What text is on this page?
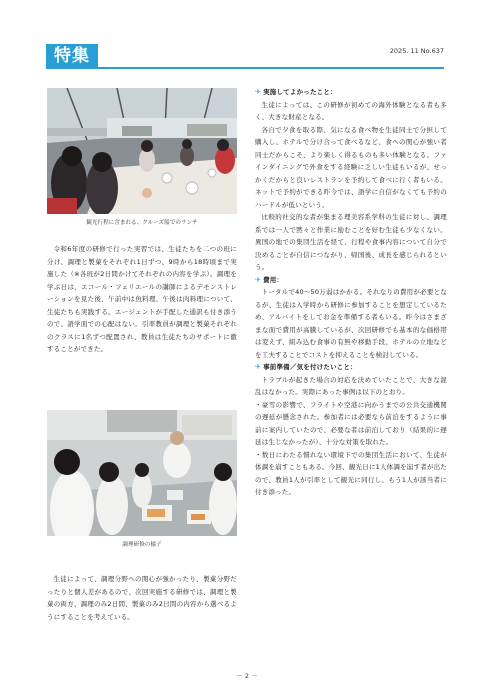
特集	2025. 11 No.637
観光行程に含まれる、クルーズ船でのランチ

令和6年度の研修で行った実習では、生徒たちを二つの班に分け、調理と製菓をそれぞれ1日ずつ、9時から18時頃まで実施した（※各班が2日間かけてそれぞれの内容を学ぶ）。調理を学ぶ日は、エコール・フェリエールの講師によるデモンストレーションを見た後、午前中は魚料理、午後は肉料理について、生徒たちも実践する。エージェントが手配した通訳も付き添うので、語学面での心配はない。引率教員が調理と製菓それぞれのクラスに1名ずつ配置され、教員は生徒たちのサポートに徹することができた。

調理研修の様子

生徒によって、調理分野への関心が強かったり、製菓分野だったりと個人差があるので、次回実施する研修では、調理と製菓の両方、調理のみ2日間、製菓のみ2日間の内容から選べるようにすることを考えている。

✈ 実施してよかったこと：

生徒によっては、この研修が初めての海外体験となる者も多く、大きな財産となる。

各自で夕食を取る際、気になる食べ物を生徒同士で分担して購入し、ホテルで分け合って食べるなど、食への関心が強い者同士だからこそ、より楽しく得るものも多い体験となる。ファインダイニングで外食をする経験に乏しい生徒もいるが、せっかくだからと良いレストランを予約して食べに行く者もいる。ネットで予約ができる昨今では、語学に自信がなくても予約のハードルが低いという。

比較的社交的な者が集まる理美容系学科の生徒に対し、調理系では一人で黙々と作業に励むことを好む生徒も少なくない。異国の地での集団生活を経て、行程や食事内容について自分で決めることが自信につながり、帰国後、成長を感じられるという。

✈ 費用：

トータルで40～50万弱はかかる。それなりの費用が必要となるが、生徒は入学時から研修に参加することを想定しているため、アルバイトをしてお金を準備する者もいる。昨今はさまざまな面で費用が高騰しているが、次回研修でも基本的な価格帯は変えず、組み込む食事の有無や移動手段、ホテルの立地などを工夫することでコストを抑えることを検討している。

✈ 事前準備／気を付けたいこと：

トラブルが起きた場合の対応を決めていたことで、大きな混乱はなかった。実際にあった事例は以下のとおり。

・豪雪の影響で、フライトや空港に向かうまでの公共交通機関の遅延が懸念された。参加者には必要なら前泊をするように事前に案内していたので、必要な者は前泊しており（結果的に遅延は生じなかったが）、十分な対策を取れた。

・数日にわたる慣れない環境下での集団生活において、生徒が体調を崩すこともある。今回、観光日に1人体調を崩す者が出たので、教員1人が引率として観光に同行し、もう1人が該当者に付き添った。

－ 2 －
